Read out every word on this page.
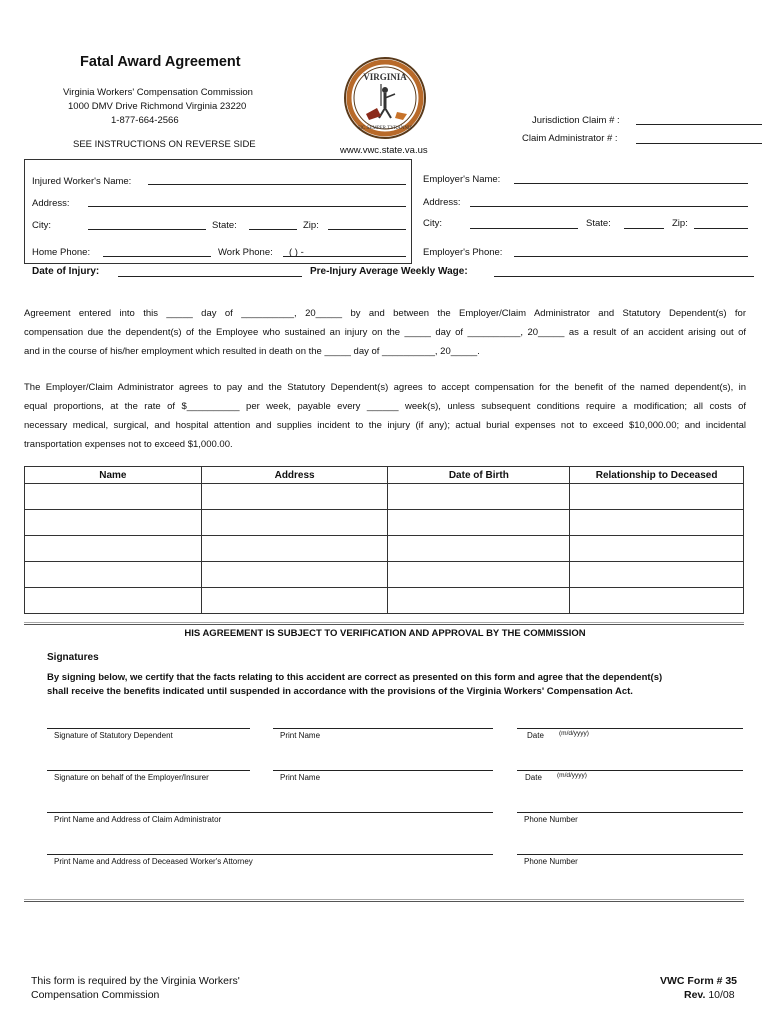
Fatal Award Agreement
Virginia Workers' Compensation Commission
1000 DMV Drive Richmond Virginia 23220
1-877-664-2566
SEE INSTRUCTIONS ON REVERSE SIDE
VIRGINIA
SIC SEMPER TYRANNIS
www.vwc.state.va.us
Jurisdiction Claim # :
Claim Administrator # :
Injured Worker's Name:
Address:
City:	State:	Zip:
Home Phone:	Work Phone: ( ) -
Employer's Name:
Address:
City:	State:	Zip:
Employer's Phone:
Date of Injury:	Pre-Injury Average Weekly Wage:
Agreement entered into this _____ day of __________, 20_____ by and between the Employer/Claim Administrator and Statutory Dependent(s) for
compensation due the dependent(s) of the Employee who sustained an injury on the _____ day of __________, 20_____ as a result of an accident arising out of
and in the course of his/her employment which resulted in death on the _____ day of __________, 20_____.
The Employer/Claim Administrator agrees to pay and the Statutory Dependent(s) agrees to accept compensation for the benefit of the named dependent(s), in
equal proportions, at the rate of $__________ per week, payable every ______ week(s), unless subsequent conditions require a modification; all costs of
necessary medical, surgical, and hospital attention and supplies incident to the injury (if any); actual burial expenses not to exceed $10,000.00; and incidental
transportation expenses not to exceed $1,000.00.
Name	Address	Date of Birth	Relationship to Deceased

HIS AGREEMENT IS SUBJECT TO VERIFICATION AND APPROVAL BY THE COMMISSION
Signatures
By signing below, we certify that the facts relating to this accident are correct as presented on this form and agree that the dependent(s)
shall receive the benefits indicated until suspended in accordance with the provisions of the Virginia Workers' Compensation Act.
Signature of Statutory Dependent	Print Name	Date (m/d/yyyy)
Signature on behalf of the Employer/Insurer	Print Name	Date (m/d/yyyy)
Print Name and Address of Claim Administrator	Phone Number
Print Name and Address of Deceased Worker's Attorney	Phone Number
This form is required by the Virginia Workers'
Compensation Commission
VWC Form # 35
Rev. 10/08
